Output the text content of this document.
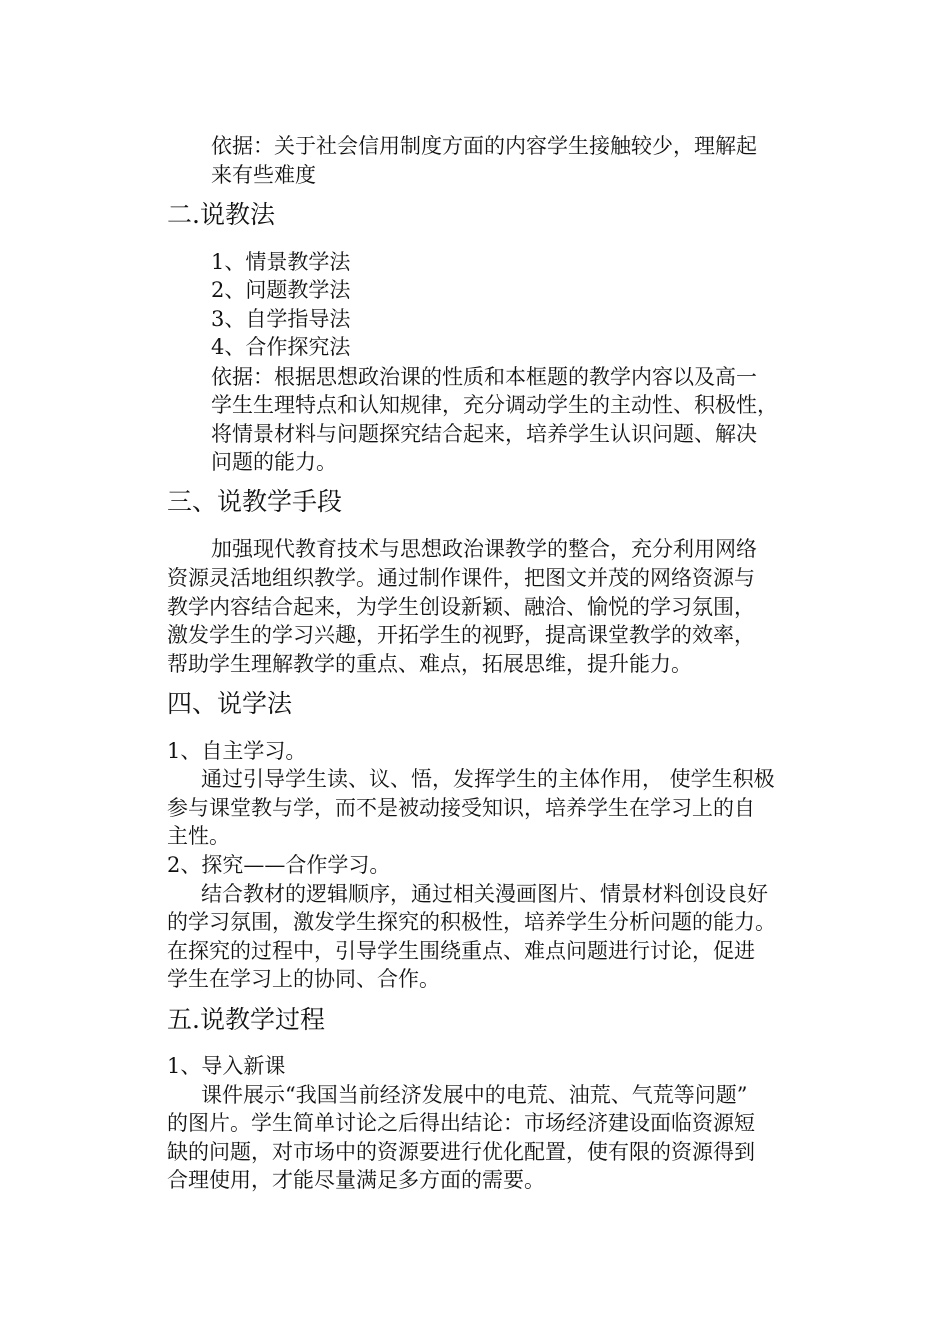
依据：关于社会信用制度方面的内容学生接触较少，理解起
来有些难度
二.说教法
1、情景教学法
2、问题教学法
3、自学指导法
4、合作探究法
依据：根据思想政治课的性质和本框题的教学内容以及高一
学生生理特点和认知规律，充分调动学生的主动性、积极性，
将情景材料与问题探究结合起来，培养学生认识问题、解决
问题的能力。
三、说教学手段
加强现代教育技术与思想政治课教学的整合，充分利用网络
资源灵活地组织教学。通过制作课件，把图文并茂的网络资源与
教学内容结合起来，为学生创设新颖、融洽、愉悦的学习氛围，
激发学生的学习兴趣，开拓学生的视野，提高课堂教学的效率，
帮助学生理解教学的重点、难点，拓展思维，提升能力。
四、说学法
1、自主学习。
通过引导学生读、议、悟，发挥学生的主体作用， 使学生积极
参与课堂教与学，而不是被动接受知识，培养学生在学习上的自
主性。
2、探究——合作学习。
结合教材的逻辑顺序，通过相关漫画图片、情景材料创设良好
的学习氛围，激发学生探究的积极性，培养学生分析问题的能力。
在探究的过程中，引导学生围绕重点、难点问题进行讨论，促进
学生在学习上的协同、合作。
五.说教学过程
1、导入新课
课件展示“我国当前经济发展中的电荒、油荒、气荒等问题”
的图片。学生简单讨论之后得出结论：市场经济建设面临资源短
缺的问题，对市场中的资源要进行优化配置，使有限的资源得到
合理使用，才能尽量满足多方面的需要。
